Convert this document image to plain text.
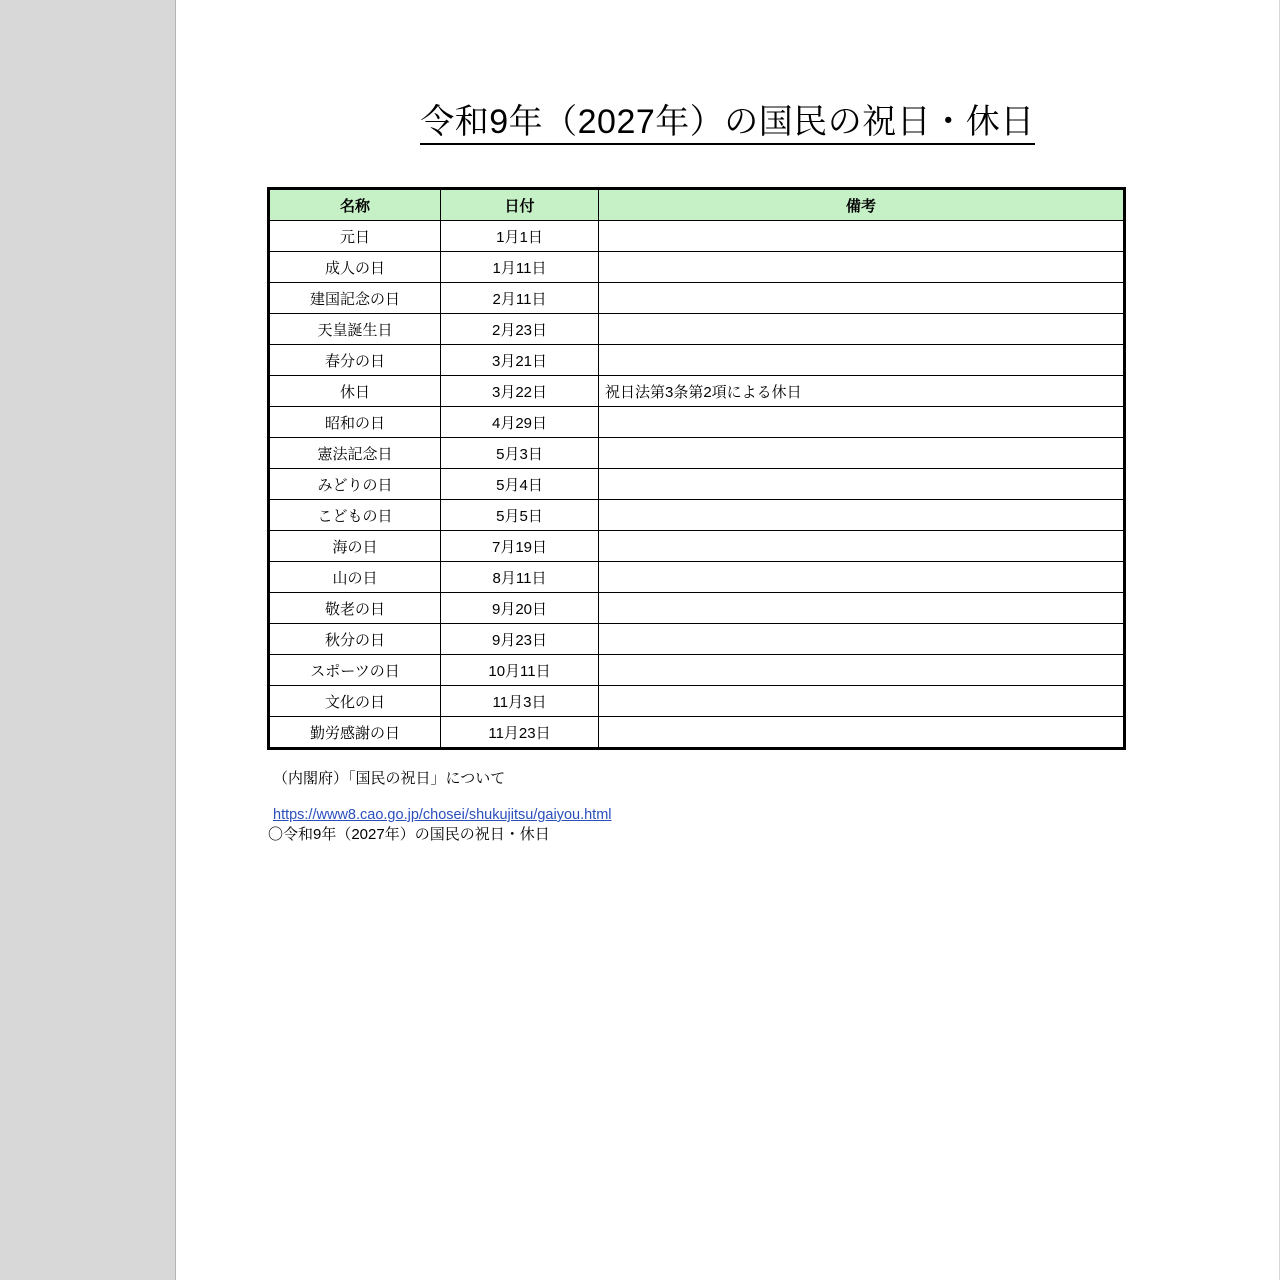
令和9年（2027年）の国民の祝日・休日
名称	日付	備考
元日	1月1日	
成人の日	1月11日	
建国記念の日	2月11日	
天皇誕生日	2月23日	
春分の日	3月21日	
休日	3月22日	祝日法第3条第2項による休日
昭和の日	4月29日	
憲法記念日	5月3日	
みどりの日	5月4日	
こどもの日	5月5日	
海の日	7月19日	
山の日	8月11日	
敬老の日	9月20日	
秋分の日	9月23日	
スポーツの日	10月11日	
文化の日	11月3日	
勤労感謝の日	11月23日	
（内閣府）「国民の祝日」について
https://www8.cao.go.jp/chosei/shukujitsu/gaiyou.html
〇令和9年（2027年）の国民の祝日・休日
